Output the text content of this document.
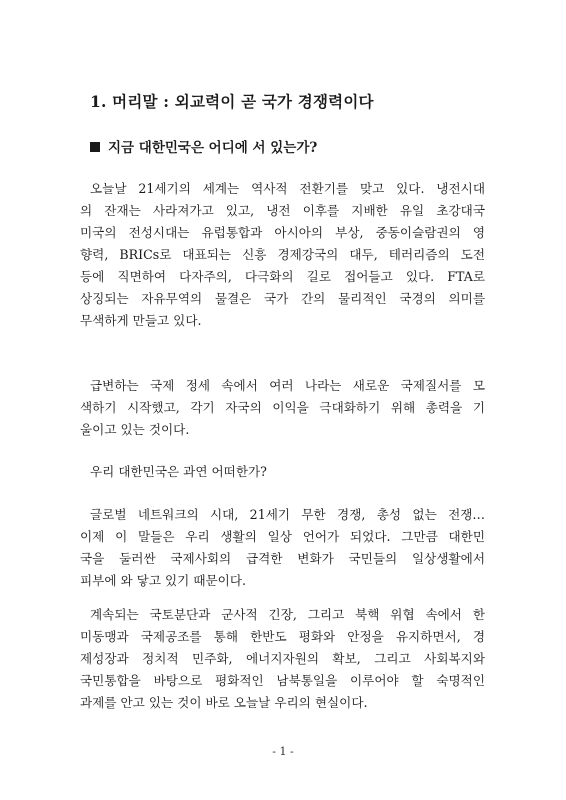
1. 머리말 : 외교력이 곧 국가 경쟁력이다
지금 대한민국은 어디에 서 있는가?
오늘날 21세기의 세계는 역사적 전환기를 맞고 있다. 냉전시대
의 잔재는 사라져가고 있고, 냉전 이후를 지배한 유일 초강대국
미국의 전성시대는 유럽통합과 아시아의 부상, 중동이슬람권의 영
향력, BRICs로 대표되는 신흥 경제강국의 대두, 테러리즘의 도전
등에 직면하여 다자주의, 다극화의 길로 접어들고 있다. FTA로
상징되는 자유무역의 물결은 국가 간의 물리적인 국경의 의미를
무색하게 만들고 있다.
급변하는 국제 정세 속에서 여러 나라는 새로운 국제질서를 모
색하기 시작했고, 각기 자국의 이익을 극대화하기 위해 총력을 기
울이고 있는 것이다.
우리 대한민국은 과연 어떠한가?
글로벌 네트워크의 시대, 21세기 무한 경쟁, 총성 없는 전쟁…
이제 이 말들은 우리 생활의 일상 언어가 되었다. 그만큼 대한민
국을 둘러싼 국제사회의 급격한 변화가 국민들의 일상생활에서
피부에 와 닿고 있기 때문이다.
계속되는 국토분단과 군사적 긴장, 그리고 북핵 위협 속에서 한
미동맹과 국제공조를 통해 한반도 평화와 안정을 유지하면서, 경
제성장과 정치적 민주화, 에너지자원의 확보, 그리고 사회복지와
국민통합을 바탕으로 평화적인 남북통일을 이루어야 할 숙명적인
과제를 안고 있는 것이 바로 오늘날 우리의 현실이다.
- 1 -
